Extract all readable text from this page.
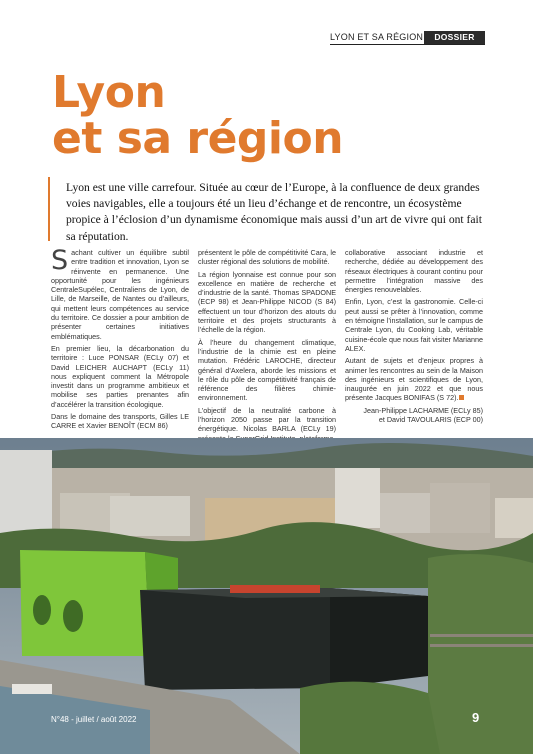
LYON ET SA RÉGION	DOSSIER
Lyon
et sa région

Lyon est une ville carrefour. Située au cœur de l’Europe, à la confluence de deux grandes voies navigables, elle a toujours été un lieu d’échange et de rencontre, un écosystème propice à l’éclosion d’un dynamisme économique mais aussi d’un art de vivre qui ont fait sa réputation.

Sachant cultiver un équilibre subtil entre tradition et innovation, Lyon se réinvente en permanence. Une opportunité pour les ingénieurs CentraleSupélec, Centraliens de Lyon, de Lille, de Marseille, de Nantes ou d’ailleurs, qui mettent leurs compétences au service du territoire. Ce dossier a pour ambition de présenter certaines initiatives emblématiques.

En premier lieu, la décarbonation du territoire : Luce PONSAR (ECLy 07) et David LEICHER AUCHAPT (ECLy 11) nous expliquent comment la Métropole investit dans un programme ambitieux et mobilise ses parties prenantes afin d’accélérer la transition écologique.

Dans le domaine des transports, Gilles LE CARRE et Xavier BENOÎT (ECM 86)

présentent le pôle de compétitivité Cara, le cluster régional des solutions de mobilité.

La région lyonnaise est connue pour son excellence en matière de recherche et d’industrie de la santé. Thomas SPADONE (ECP 98) et Jean-Philippe NICOD (S 84) effectuent un tour d’horizon des atouts du territoire et des projets structurants à l’échelle de la région.

À l’heure du changement climatique, l’industrie de la chimie est en pleine mutation. Frédéric LAROCHE, directeur général d’Axelera, aborde les missions et le rôle du pôle de compétitivité français de référence des filières chimie-environnement.

L’objectif de la neutralité carbone à l’horizon 2050 passe par la transition énergétique. Nicolas BARLA (ECLy 19)

collaborative associant industrie et recherche, dédiée au développement des réseaux électriques à courant continu pour permettre l’intégration massive des énergies renouvelables.

Enfin, Lyon, c’est la gastronomie. Celle-ci peut aussi se prêter à l’innovation, comme en témoigne l’installation, sur le campus de Centrale Lyon, du Cooking Lab, véritable cuisine-école que nous fait visiter Marianne ALEX.

Autant de sujets et d’enjeux propres à animer les rencontres au sein de la Maison des ingénieurs et scientifiques de Lyon, inaugurée en juin 2022 et que nous présente Jacques BONIFAS (S 72).

Jean-Philippe LACHARME (ECLy 85)
et David TAVOULARIS (ECP 00)

N°48 - juillet / août 2022	9
